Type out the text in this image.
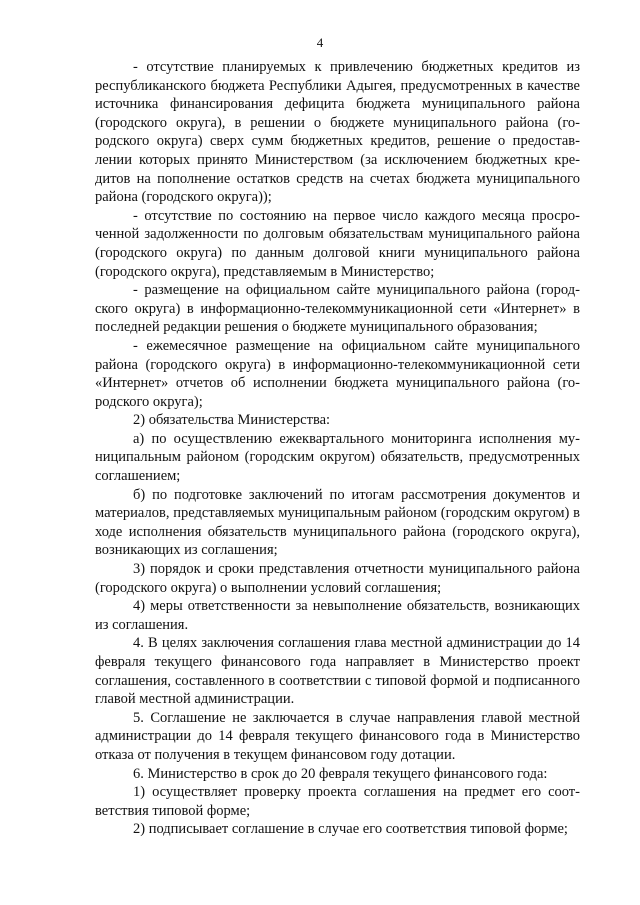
4

- отсутствие планируемых к привлечению бюджетных кредитов из республиканского бюджета Республики Адыгея, предусмотренных в качестве источника финансирования дефицита бюджета муниципального района (городского округа), в решении о бюджете муниципального района (городского округа) сверх сумм бюджетных кредитов, решение о предоставлении которых принято Министерством (за исключением бюджетных кредитов на пополнение остатков средств на счетах бюджета муниципального района (городского округа));

- отсутствие по состоянию на первое число каждого месяца просроченной задолженности по долговым обязательствам муниципального района (городского округа) по данным долговой книги муниципального района (городского округа), представляемым в Министерство;

- размещение на официальном сайте муниципального района (городского округа) в информационно-телекоммуникационной сети «Интернет» в последней редакции решения о бюджете муниципального образования;

- ежемесячное размещение на официальном сайте муниципального района (городского округа) в информационно-телекоммуникационной сети «Интернет» отчетов об исполнении бюджета муниципального района (городского округа);

2) обязательства Министерства:

а) по осуществлению ежеквартального мониторинга исполнения муниципальным районом (городским округом) обязательств, предусмотренных соглашением;

б) по подготовке заключений по итогам рассмотрения документов и материалов, представляемых муниципальным районом (городским округом) в ходе исполнения обязательств муниципального района (городского округа), возникающих из соглашения;

3) порядок и сроки представления отчетности муниципального района (городского округа) о выполнении условий соглашения;

4) меры ответственности за невыполнение обязательств, возникающих из соглашения.

4. В целях заключения соглашения глава местной администрации до 14 февраля текущего финансового года направляет в Министерство проект соглашения, составленного в соответствии с типовой формой и подписанного главой местной администрации.

5. Соглашение не заключается в случае направления главой местной администрации до 14 февраля текущего финансового года в Министерство отказа от получения в текущем финансовом году дотации.

6. Министерство в срок до 20 февраля текущего финансового года:

1) осуществляет проверку проекта соглашения на предмет его соответствия типовой форме;

2) подписывает соглашение в случае его соответствия типовой форме;
